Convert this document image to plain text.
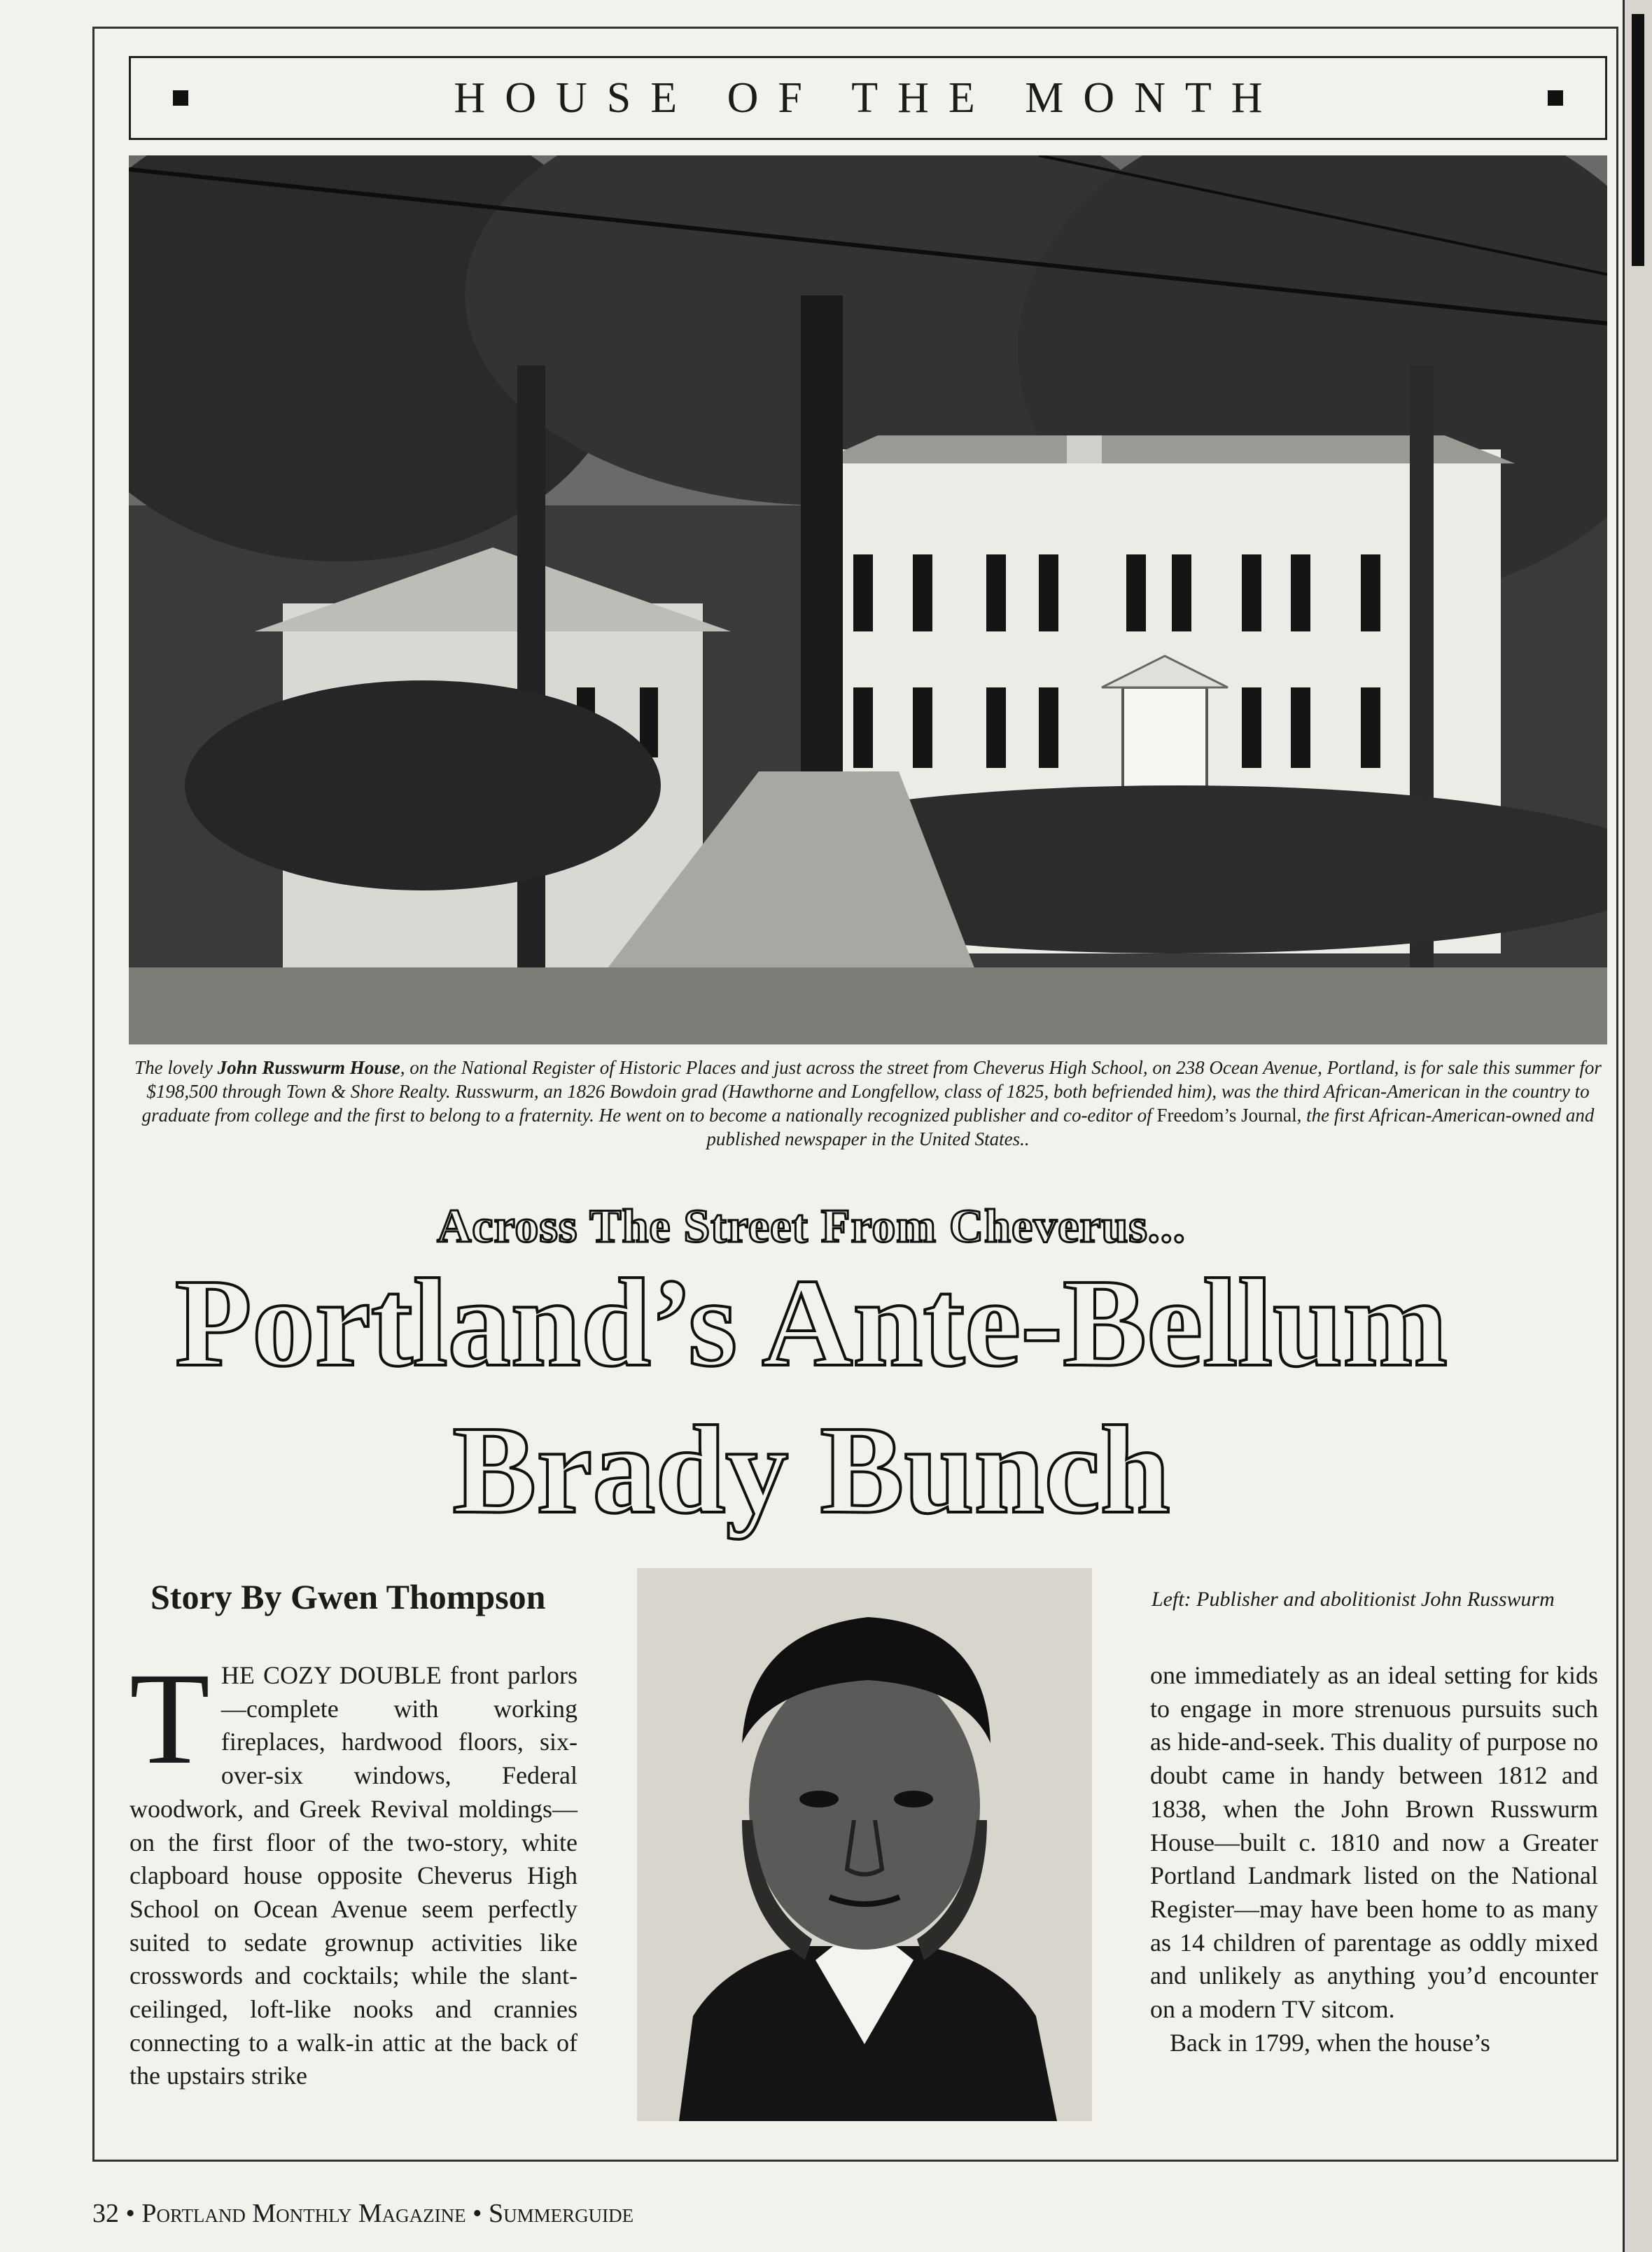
HOUSE OF THE MONTH
The lovely John Russwurm House, on the National Register of Historic Places and just across the street from Cheverus High School, on 238 Ocean Avenue, Portland, is for sale this summer for $198,500 through Town & Shore Realty. Russwurm, an 1826 Bowdoin grad (Hawthorne and Longfellow, class of 1825, both befriended him), was the third African-American in the country to graduate from college and the first to belong to a fraternity. He went on to become a nationally recognized publisher and co-editor of Freedom’s Journal, the first African-American-owned and published newspaper in the United States..
Across The Street From Cheverus...
Portland’s Ante-Bellum
Brady Bunch
Story By Gwen Thompson
THE COZY DOUBLE front parlors—complete with working fireplaces, hardwood floors, six-over-six windows, Federal woodwork, and Greek Revival moldings—on the first floor of the two-story, white clapboard house opposite Cheverus High School on Ocean Avenue seem perfectly suited to sedate grownup activities like crosswords and cocktails; while the slant-ceilinged, loft-like nooks and crannies connecting to a walk-in attic at the back of the upstairs strike
Left: Publisher and abolitionist John Russwurm

one immediately as an ideal setting for kids to engage in more strenuous pursuits such as hide-and-seek. This duality of purpose no doubt came in handy between 1812 and 1838, when the John Brown Russwurm House—built c. 1810 and now a Greater Portland Landmark listed on the National Register—may have been home to as many as 14 children of parentage as oddly mixed and unlikely as anything you’d encounter on a modern TV sitcom.

Back in 1799, when the house’s

32 • Portland Monthly Magazine • Summerguide
